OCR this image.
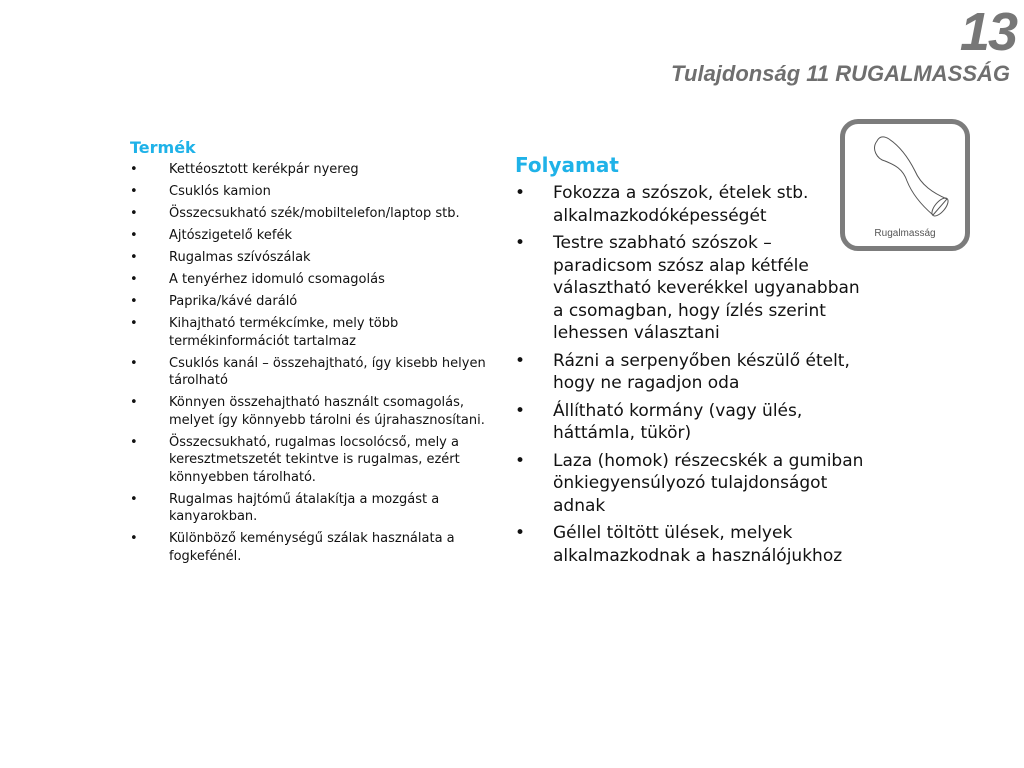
13
Tulajdonság 11 RUGALMASSÁG
Rugalmasság
Termék
• Kettéosztott kerékpár nyereg
• Csuklós kamion
• Összecsukható szék/mobiltelefon/laptop stb.
• Ajtószigetelő kefék
• Rugalmas szívószálak
• A tenyérhez idomuló csomagolás
• Paprika/kávé daráló
• Kihajtható termékcímke, mely több termékinformációt tartalmaz
• Csuklós kanál – összehajtható, így kisebb helyen tárolható
• Könnyen összehajtható használt csomagolás, melyet így könnyebb tárolni és újrahasznosítani.
• Összecsukható, rugalmas locsolócső, mely a keresztmetszetét tekintve is rugalmas, ezért könnyebben tárolható.
• Rugalmas hajtómű átalakítja a mozgást a kanyarokban.
• Különböző keménységű szálak használata a fogkefénél.
Folyamat
• Fokozza a szószok, ételek stb. alkalmazkodóképességét
• Testre szabható szószok – paradicsom szósz alap kétféle választható keverékkel ugyanabban a csomagban, hogy ízlés szerint lehessen választani
• Rázni a serpenyőben készülő ételt, hogy ne ragadjon oda
• Állítható kormány (vagy ülés, háttámla, tükör)
• Laza (homok) részecskék a gumiban önkiegyensúlyozó tulajdonságot adnak
• Géllel töltött ülések, melyek alkalmazkodnak a használójukhoz
